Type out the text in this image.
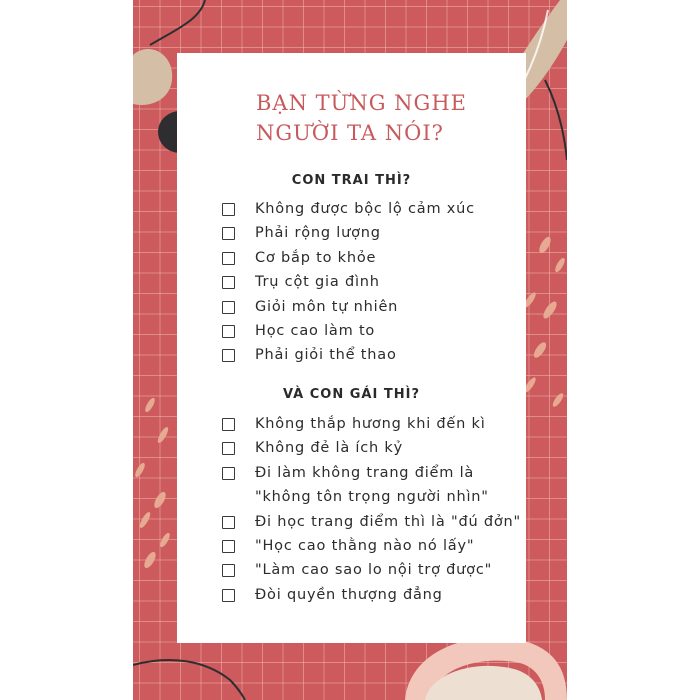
BẠN TỪNG NGHE
NGƯỜI TA NÓI?
CON TRAI THÌ?
Không được bộc lộ cảm xúc
Phải rộng lượng
Cơ bắp to khỏe
Trụ cột gia đình
Giỏi môn tự nhiên
Học cao làm to
Phải giỏi thể thao
VÀ CON GÁI THÌ?
Không thắp hương khi đến kì
Không đẻ là ích kỷ
Đi làm không trang điểm là
"không tôn trọng người nhìn"
Đi học trang điểm thì là "đú đởn"
"Học cao thằng nào nó lấy"
"Làm cao sao lo nội trợ được"
Đòi quyền thượng đẳng
